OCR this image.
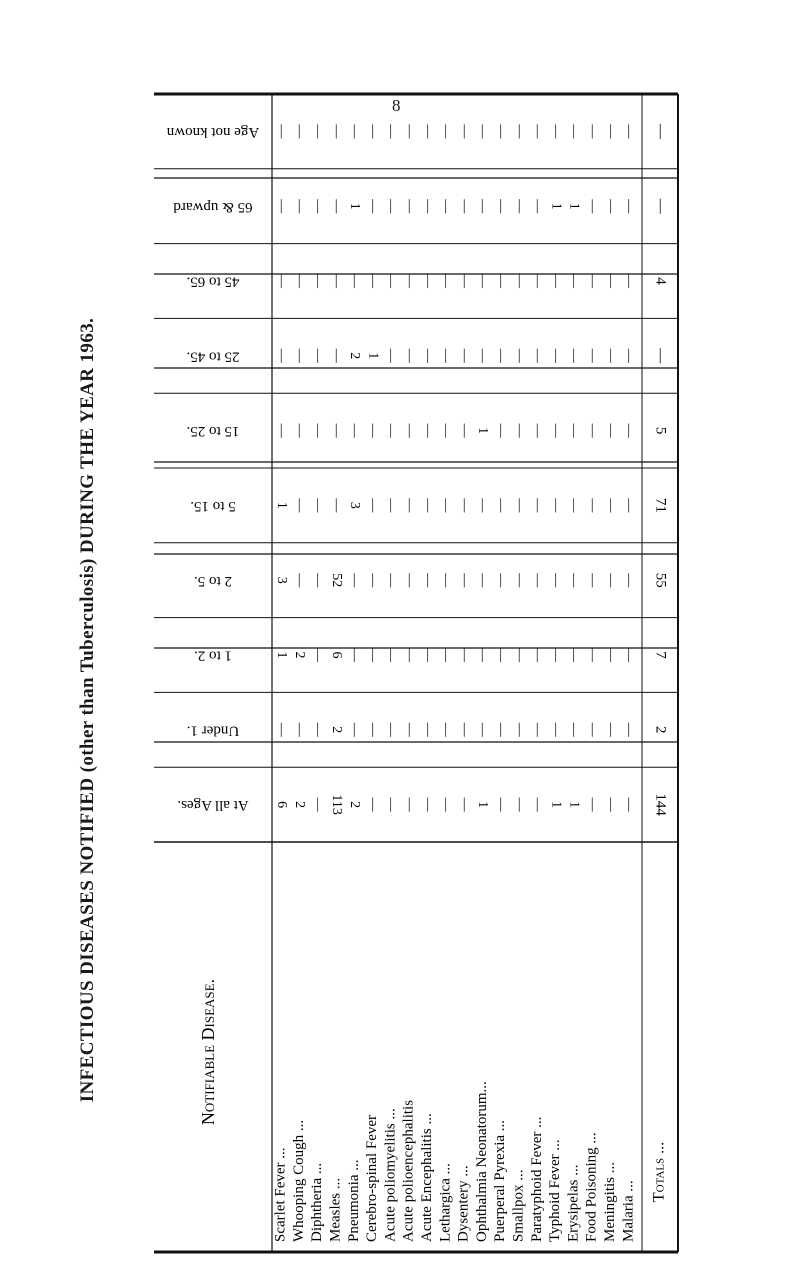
8
INFECTIOUS DISEASES NOTIFIED (other than Tuberculosis) DURING THE YEAR 1963.	At all Ages.
Under 1.
1 to 2.
2 to 5.
5 to 15.
15 to 25.
25 to 45.
45 to 65.
65 & upward
Age not known
Notifiable Disease.
Scarlet Fever ... Whooping Cough ... Diphtheria ... Measles ... Pneumonia ... Cerebro-spinal Fever Acute poliomyelitis ... Acute polioencephalitis Acute Encephalitis ... Lethargica ... Dysentery ... Ophthalmia Neonatorum... Puerperal Pyrexia ... Smallpox ... Paratyphoid Fever ... Typhoid Fever ... Erysipelas ... Food Poisoning ... Meningitis ... Malaria ...
Totals ...
6
—
1
3
1
—
—
—
—
—
2
—
2
—
—
—
—
—
—
—
—
—
—
—
—
—
—
—
—
—
113
2
6
52
—
—
—
—
—
—
2
—
—
—
3
—
2
—
1
—
—
—
—
—
—
—
1
—
—
—
—
—
—
—
—
—
—
—
—
—
—
—
—
—
—
—
—
—
—
—
—
—
—
—
—
—
—
—
—
—
—
—
—
—
—
—
—
—
—
—
—
—
—
—
—
—
—
—
—
—
1
—
—
—
—
1
—
—
—
—
—
—
—
—
—
—
—
—
—
—
—
—
—
—
—
—
—
—
—
—
—
—
—
—
—
—
—
—
—
—
1
—
—
—
—
—
—
—
1
—
1
—
—
—
—
—
—
—
1
—
—
—
—
—
—
—
—
—
—
—
—
—
—
—
—
—
—
—
—
—
—
—
—
—
—
—
—
—
—
—
144
2
7
55
71
5
—
4
—
—
